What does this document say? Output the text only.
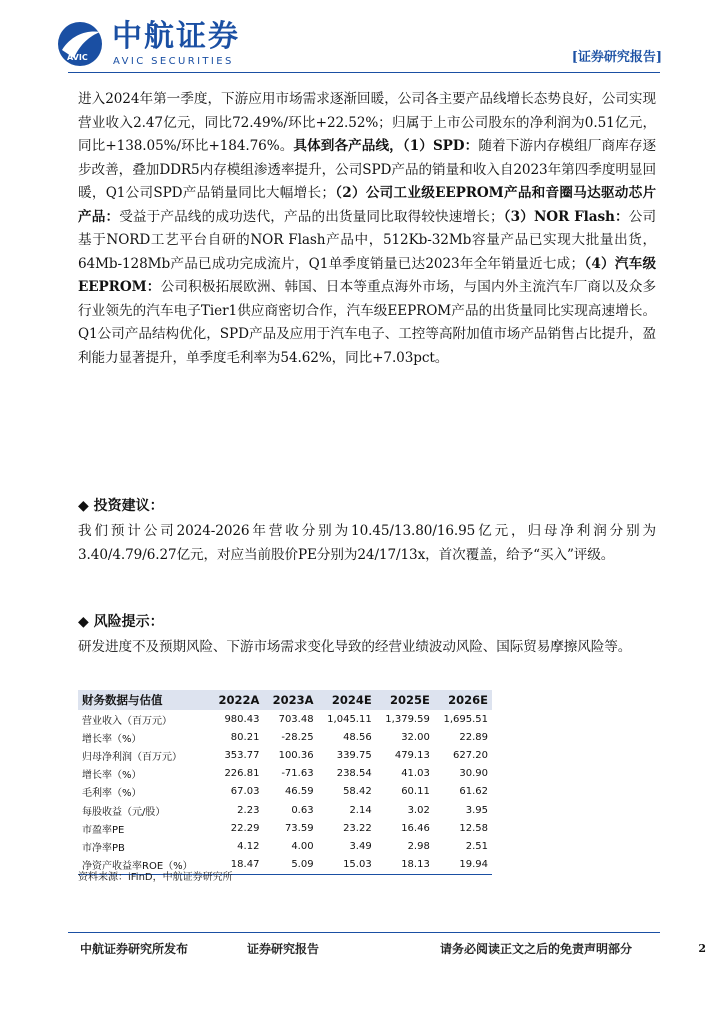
AVIC
中航证券
AVIC SECURITIES	[证券研究报告]

进入2024年第一季度，下游应用市场需求逐渐回暖，公司各主要产品线增长态势良好，公司实现营业收入2.47亿元，同比72.49%/环比+22.52%；归属于上市公司股东的净利润为0.51亿元，同比+138.05%/环比+184.76%。具体到各产品线，（1）SPD：随着下游内存模组厂商库存逐步改善，叠加DDR5内存模组渗透率提升，公司SPD产品的销量和收入自2023年第四季度明显回暖，Q1公司SPD产品销量同比大幅增长；（2）公司工业级EEPROM产品和音圈马达驱动芯片产品：受益于产品线的成功迭代，产品的出货量同比取得较快速增长；（3）NOR Flash：公司基于NORD工艺平台自研的NOR Flash产品中，512Kb-32Mb容量产品已实现大批量出货，64Mb-128Mb产品已成功完成流片，Q1单季度销量已达2023年全年销量近七成；（4）汽车级EEPROM：公司积极拓展欧洲、韩国、日本等重点海外市场，与国内外主流汽车厂商以及众多行业领先的汽车电子Tier1供应商密切合作，汽车级EEPROM产品的出货量同比实现高速增长。Q1公司产品结构优化，SPD产品及应用于汽车电子、工控等高附加值市场产品销售占比提升，盈利能力显著提升，单季度毛利率为54.62%，同比+7.03pct。

◆ 投资建议：

我们预计公司2024-2026年营收分别为10.45/13.80/16.95亿元，归母净利润分别为3.40/4.79/6.27亿元，对应当前股价PE分别为24/17/13x，首次覆盖，给予“买入”评级。

◆ 风险提示：

研发进度不及预期风险、下游市场需求变化导致的经营业绩波动风险、国际贸易摩擦风险等。

财务数据与估值	2022A	2023A	2024E	2025E	2026E
营业收入（百万元）	980.43	703.48	1,045.11	1,379.59	1,695.51
增长率（%）	80.21	-28.25	48.56	32.00	22.89
归母净利润（百万元）	353.77	100.36	339.75	479.13	627.20
增长率（%）	226.81	-71.63	238.54	41.03	30.90
毛利率（%）	67.03	46.59	58.42	60.11	61.62
每股收益（元/股）	2.23	0.63	2.14	3.02	3.95
市盈率PE	22.29	73.59	23.22	16.46	12.58
市净率PB	4.12	4.00	3.49	2.98	2.51
净资产收益率ROE（%）	18.47	5.09	15.03	18.13	19.94
资料来源：iFinD，中航证券研究所
中航证券研究所发布	证券研究报告	请务必阅读正文之后的免责声明部分	2
